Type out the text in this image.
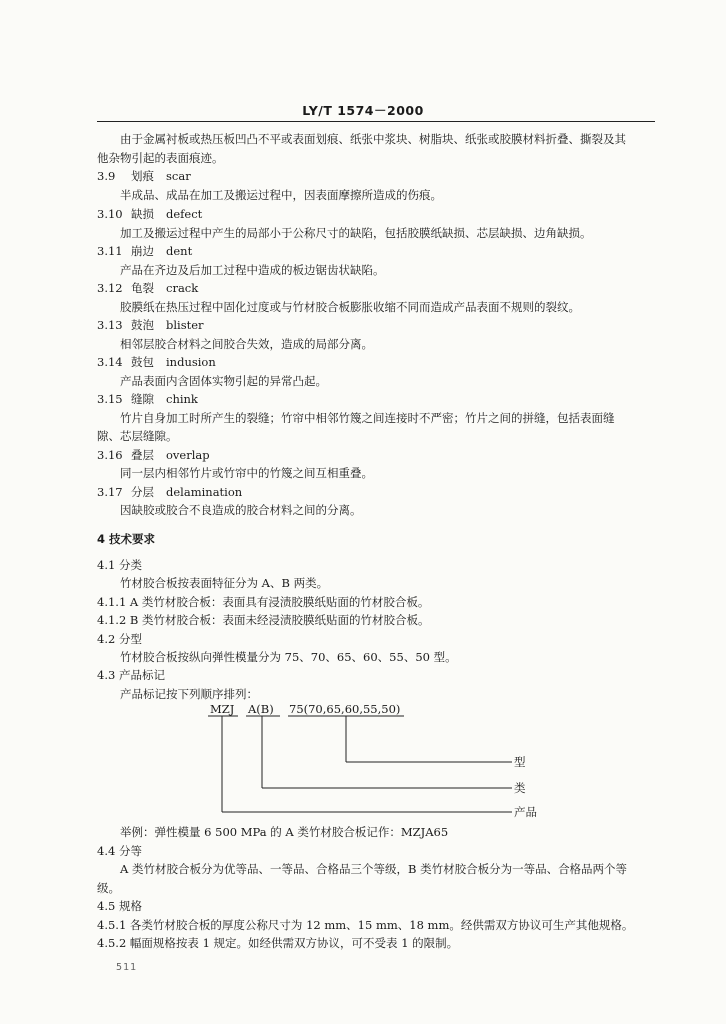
LY/T 1574－2000
由于金属衬板或热压板凹凸不平或表面划痕、纸张中浆块、树脂块、纸张或胶膜材料折叠、撕裂及其
他杂物引起的表面痕迹。
3.9 划痕 scar
半成品、成品在加工及搬运过程中，因表面摩擦所造成的伤痕。
3.10 缺损 defect
加工及搬运过程中产生的局部小于公称尺寸的缺陷，包括胶膜纸缺损、芯层缺损、边角缺损。
3.11 崩边 dent
产品在齐边及后加工过程中造成的板边锯齿状缺陷。
3.12 龟裂 crack
胶膜纸在热压过程中固化过度或与竹材胶合板膨胀收缩不同而造成产品表面不规则的裂纹。
3.13 鼓泡 blister
相邻层胶合材料之间胶合失效，造成的局部分离。
3.14 鼓包 indusion
产品表面内含固体实物引起的异常凸起。
3.15 缝隙 chink
竹片自身加工时所产生的裂缝；竹帘中相邻竹篾之间连接时不严密；竹片之间的拼缝，包括表面缝
隙、芯层缝隙。
3.16 叠层 overlap
同一层内相邻竹片或竹帘中的竹篾之间互相重叠。
3.17 分层 delamination
因缺胶或胶合不良造成的胶合材料之间的分离。
4 技术要求
4.1 分类
竹材胶合板按表面特征分为 A、B 两类。
4.1.1 A 类竹材胶合板：表面具有浸渍胶膜纸贴面的竹材胶合板。
4.1.2 B 类竹材胶合板：表面未经浸渍胶膜纸贴面的竹材胶合板。
4.2 分型
竹材胶合板按纵向弹性模量分为 75、70、65、60、55、50 型。
4.3 产品标记
产品标记按下列顺序排列：
MZJ A(B) 75(70,65,60,55,50)
型
类
产品
举例：弹性模量 6 500 MPa 的 A 类竹材胶合板记作：MZJA65
4.4 分等
A 类竹材胶合板分为优等品、一等品、合格品三个等级，B 类竹材胶合板分为一等品、合格品两个等
级。
4.5 规格
4.5.1 各类竹材胶合板的厚度公称尺寸为 12 mm、15 mm、18 mm。经供需双方协议可生产其他规格。
4.5.2 幅面规格按表 1 规定。如经供需双方协议，可不受表 1 的限制。
511
